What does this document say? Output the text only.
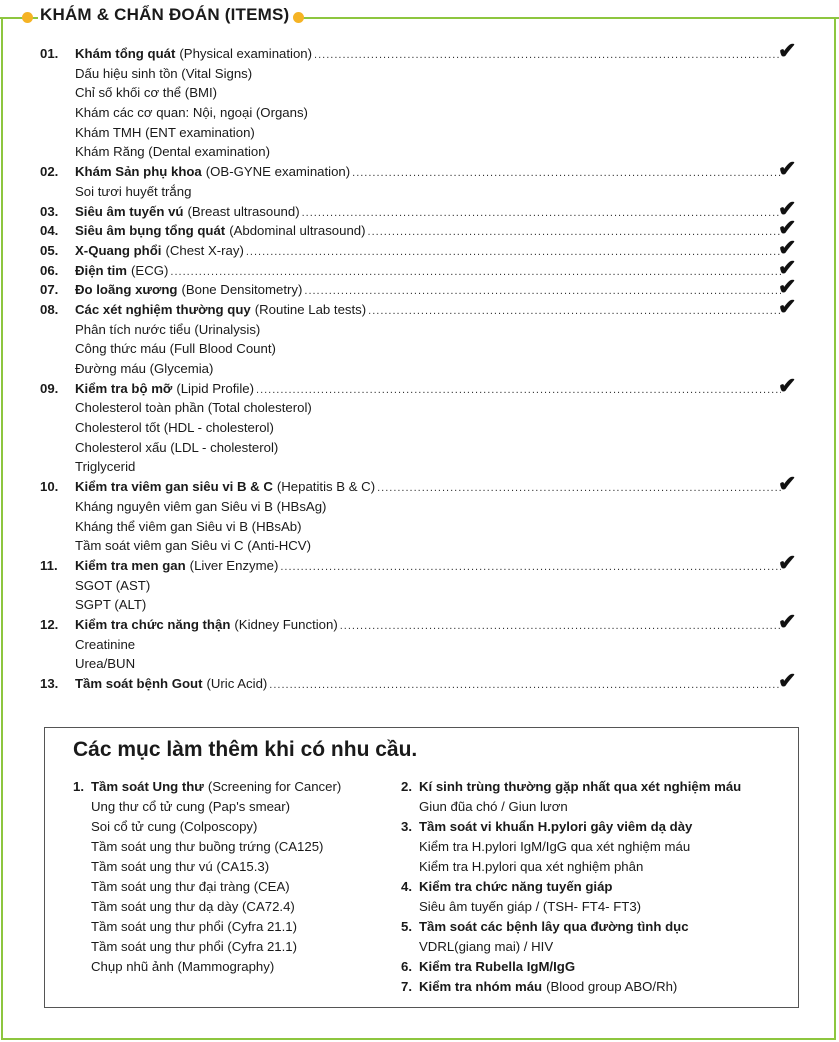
KHÁM & CHẨN ĐOÁN (ITEMS)
01. Khám tổng quát (Physical examination) .....	✔
Dấu hiệu sinh tồn (Vital Signs)
Chỉ số khối cơ thể (BMI)
Khám các cơ quan: Nội, ngoại (Organs)
Khám TMH (ENT examination)
Khám Răng (Dental examination)
02. Khám Sản phụ khoa (OB-GYNE examination) .....	✔
Soi tươi huyết trắng
03. Siêu âm tuyến vú (Breast ultrasound) .....	✔
04. Siêu âm bụng tổng quát (Abdominal ultrasound) .....	✔
05. X-Quang phổi (Chest X-ray) .....	✔
06. Điện tim (ECG) .....	✔
07. Đo loãng xương (Bone Densitometry) .....	✔
08. Các xét nghiệm thường quy (Routine Lab tests) .....	✔
Phân tích nước tiểu (Urinalysis)
Công thức máu (Full Blood Count)
Đường máu (Glycemia)
09. Kiểm tra bộ mỡ (Lipid Profile) .....	✔
Cholesterol toàn phần (Total cholesterol)
Cholesterol tốt (HDL - cholesterol)
Cholesterol xấu (LDL - cholesterol)
Triglycerid
10. Kiểm tra viêm gan siêu vi B & C (Hepatitis B & C) .....	✔
Kháng nguyên viêm gan Siêu vi B (HBsAg)
Kháng thể viêm gan Siêu vi B (HBsAb)
Tầm soát viêm gan Siêu vi C (Anti-HCV)
11. Kiểm tra men gan (Liver Enzyme) .....	✔
SGOT (AST)
SGPT (ALT)
12. Kiểm tra chức năng thận (Kidney Function) .....	✔
Creatinine
Urea/BUN
13. Tầm soát bệnh Gout (Uric Acid) .....	✔
Các mục làm thêm khi có nhu cầu.
1. Tầm soát Ung thư (Screening for Cancer)
Ung thư cổ tử cung (Pap's smear)
Soi cổ tử cung (Colposcopy)
Tầm soát ung thư buồng trứng (CA125)
Tầm soát ung thư vú (CA15.3)
Tầm soát ung thư đại tràng (CEA)
Tầm soát ung thư dạ dày (CA72.4)
Tầm soát ung thư phổi (Cyfra 21.1)
Tầm soát ung thư phổi (Cyfra 21.1)
Chụp nhũ ảnh (Mammography)
2. Kí sinh trùng thường gặp nhất qua xét nghiệm máu
Giun đũa chó / Giun lươn
3. Tầm soát vi khuẩn H.pylori gây viêm dạ dày
Kiểm tra H.pylori IgM/IgG qua xét nghiệm máu
Kiểm tra H.pylori qua xét nghiệm phân
4. Kiểm tra chức năng tuyến giáp
Siêu âm tuyến giáp / (TSH- FT4- FT3)
5. Tầm soát các bệnh lây qua đường tình dục
VDRL(giang mai) / HIV
6. Kiểm tra Rubella IgM/IgG
7. Kiểm tra nhóm máu (Blood group ABO/Rh)
